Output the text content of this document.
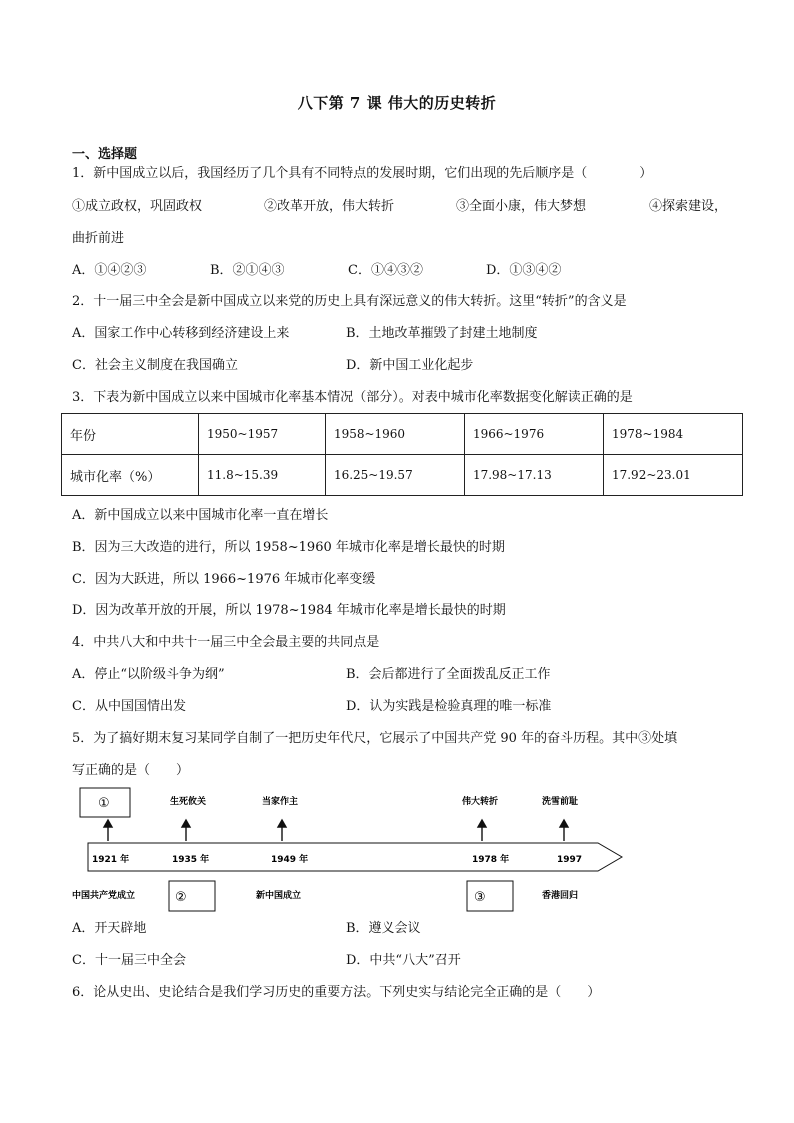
八下第 7 课 伟大的历史转折
一、选择题
1．新中国成立以后，我国经历了几个具有不同特点的发展时期，它们出现的先后顺序是（　　　　）
①成立政权，巩固政权	②改革开放，伟大转折	③全面小康，伟大梦想	④探索建设，
曲折前进
A．①④②③	B．②①④③	C．①④③②	D．①③④②
2．十一届三中全会是新中国成立以来党的历史上具有深远意义的伟大转折。这里“转折”的含义是
A．国家工作中心转移到经济建设上来	B．土地改革摧毁了封建土地制度
C．社会主义制度在我国确立	D．新中国工业化起步
3．下表为新中国成立以来中国城市化率基本情况（部分）。对表中城市化率数据变化解读正确的是
年份	1950~1957	1958~1960	1966~1976	1978~1984
城市化率（%）	11.8~15.39	16.25~19.57	17.98~17.13	17.92~23.01
A．新中国成立以来中国城市化率一直在增长
B．因为三大改造的进行，所以 1958~1960 年城市化率是增长最快的时期
C．因为大跃进，所以 1966~1976 年城市化率变缓
D．因为改革开放的开展，所以 1978~1984 年城市化率是增长最快的时期
4．中共八大和中共十一届三中全会最主要的共同点是
A．停止“以阶级斗争为纲”	B．会后都进行了全面拨乱反正工作
C．从中国国情出发	D．认为实践是检验真理的唯一标准
5．为了搞好期末复习某同学自制了一把历史年代尺，它展示了中国共产党 90 年的奋斗历程。其中③处填
写正确的是（　　）
①	生死攸关	当家作主	伟大转折	洗雪前耻
1921 年	1935 年	1949 年	1978 年	1997
中国共产党成立	②	新中国成立	③	香港回归
A．开天辟地	B．遵义会议
C．十一届三中全会	D．中共“八大”召开
6．论从史出、史论结合是我们学习历史的重要方法。下列史实与结论完全正确的是（　　）
